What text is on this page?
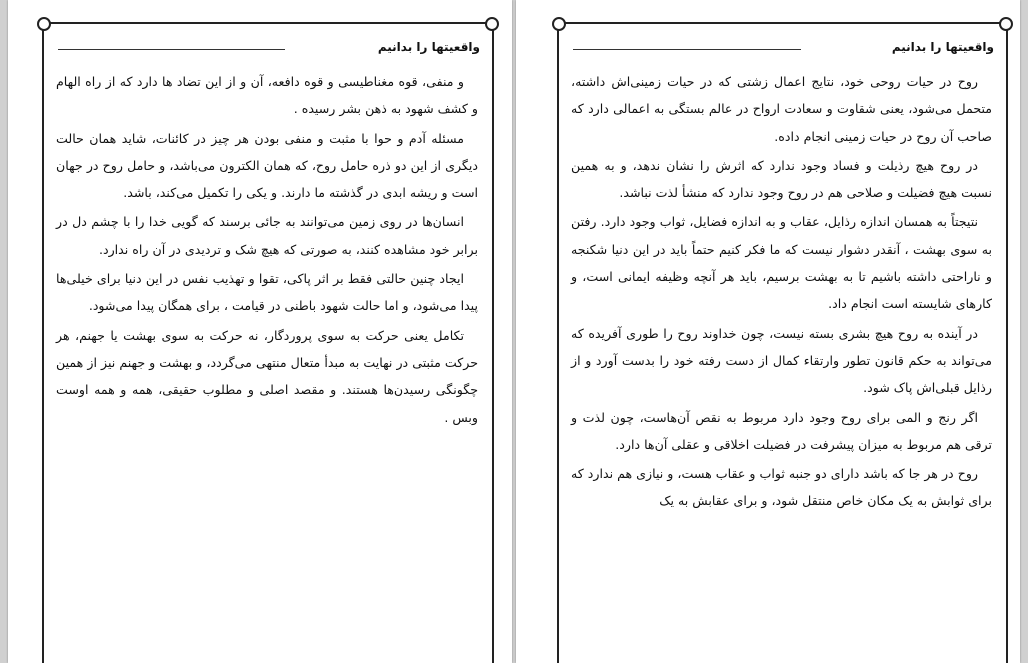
واقعیتها را بدانیم

و منفی، قوه مغناطیسی و قوه دافعه، آن و از این تضاد ها دارد که از راه الهام و کشف شهود به ذهن بشر رسیده .

مسئله آدم و حوا با مثبت و منفی بودن هر چیز در کائنات، شاید همان حالت دیگری از این دو ذره حامل روح، که همان الکترون می‌باشد، و حامل روح در جهان است و ریشه ابدی در گذشته ما دارند. و یکی را تکمیل می‌کند، باشد.

انسان‌ها در روی زمین می‌توانند به جائی برسند که گویی خدا را با چشم دل در برابر خود مشاهده کنند، به صورتی که هیچ شک و تردیدی در آن راه ندارد.

ایجاد چنین حالتی فقط بر اثر پاکی، تقوا و تهذیب نفس در این دنیا برای خیلی‌ها پیدا می‌شود، و اما حالت شهود باطنی در قیامت ، برای همگان پیدا می‌شود.

تکامل یعنی حرکت به سوی پروردگار، نه حرکت به سوی بهشت یا جهنم، هر حرکت مثبتی در نهایت به مبدأ متعال منتهی می‌گردد، و بهشت و جهنم نیز از همین چگونگی رسیدن‌ها هستند. و مقصد اصلی و مطلوب حقیقی، همه و همه اوست وبس .

واقعیتها را بدانیم

روح در حیات روحی خود، نتایج اعمال زشتی که در حیات زمینی‌اش داشته، متحمل می‌شود، یعنی شقاوت و سعادت ارواح در عالم بستگی به اعمالی دارد که صاحب آن روح در حیات زمینی انجام داده.

در روح هیچ رذیلت و فساد وجود ندارد که اثرش را نشان ندهد، و به همین نسبت هیچ فضیلت و صلاحی هم در روح وجود ندارد که منشأ لذت نباشد.

نتیجتاً به همسان اندازه رذایل، عقاب و به اندازه فضایل، ثواب وجود دارد. رفتن به سوی بهشت ، آنقدر دشوار نیست که ما فکر کنیم حتماً باید در این دنیا شکنجه و ناراحتی داشته باشیم تا به بهشت برسیم، باید هر آنچه وظیفه ایمانی است، و کارهای شایسته است انجام داد.

در آینده به روح هیچ بشری بسته نیست، چون خداوند روح را طوری آفریده که می‌تواند به حکم قانون تطور وارتقاء کمال از دست رفته خود را بدست آورد و از رذایل قبلی‌اش پاک شود.

اگر رنج و المی برای روح وجود دارد مربوط به نقص آن‌هاست، چون لذت و ترقی هم مربوط به میزان پیشرفت در فضیلت اخلاقی و عقلی آن‌ها دارد.

روح در هر جا که باشد دارای دو جنبه ثواب و عقاب هست، و نیازی هم ندارد که برای ثوابش به یک مکان خاص منتقل شود، و برای عقابش به یک
